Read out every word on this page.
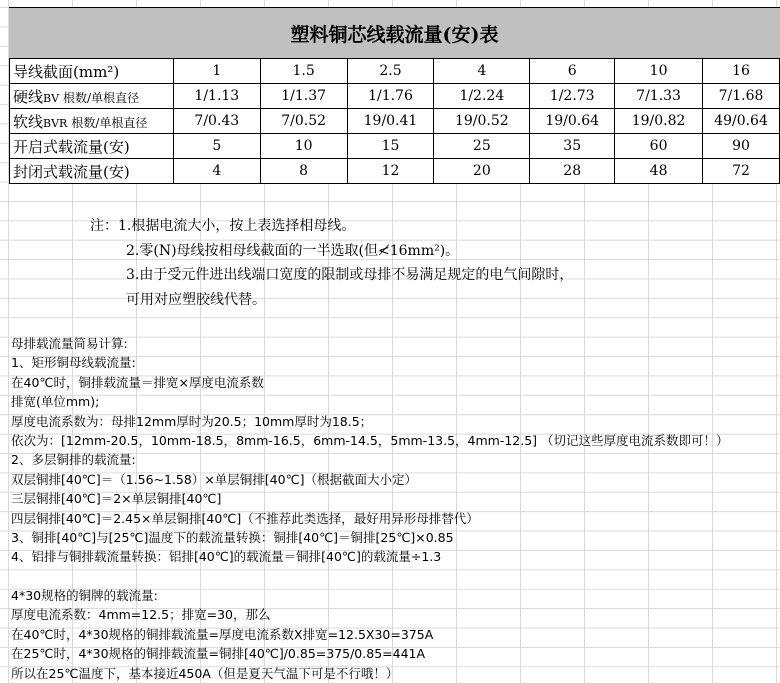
塑料铜芯线载流量(安)表
导线截面(mm²)	1	1.5	2.5	4	6	10	16
硬线BV 根数/单根直径	1/1.13	1/1.37	1/1.76	1/2.24	1/2.73	7/1.33	7/1.68
软线BVR 根数/单根直径	7/0.43	7/0.52	19/0.41	19/0.52	19/0.64	19/0.82	49/0.64
开启式载流量(安)	5	10	15	25	35	60	90
封闭式载流量(安)	4	8	12	20	28	48	72
注：1.根据电流大小，按上表选择相母线。
2.零(N)母线按相母线截面的一半选取(但≮16mm²)。
3.由于受元件进出线端口宽度的限制或母排不易满足规定的电气间隙时，
可用对应塑胶线代替。
母排载流量简易计算:
1、矩形铜母线载流量:
在40℃时，铜排载流量＝排宽×厚度电流系数
排宽(单位mm);
厚度电流系数为：母排12mm厚时为20.5；10mm厚时为18.5；
依次为：[12mm-20.5，10mm-18.5，8mm-16.5，6mm-14.5，5mm-13.5，4mm-12.5] （切记这些厚度电流系数即可！）
2、多层铜排的载流量:
双层铜排[40℃]＝（1.56~1.58）×单层铜排[40℃]（根据截面大小定）
三层铜排[40℃]＝2×单层铜排[40℃]
四层铜排[40℃]＝2.45×单层铜排[40℃]（不推荐此类选择，最好用异形母排替代）
3、铜排[40℃]与[25℃]温度下的载流量转换：铜排[40℃]＝铜排[25℃]×0.85
4、铝排与铜排载流量转换：铝排[40℃]的载流量＝铜排[40℃]的载流量÷1.3
4*30规格的铜牌的载流量:
厚度电流系数：4mm=12.5；排宽=30，那么
在40℃时，4*30规格的铜排载流量=厚度电流系数X排宽=12.5X30=375A
在25℃时，4*30规格的铜排载流量=铜排[40℃]/0.85=375/0.85=441A
所以在25℃温度下，基本接近450A（但是夏天气温下可是不行哦！）
